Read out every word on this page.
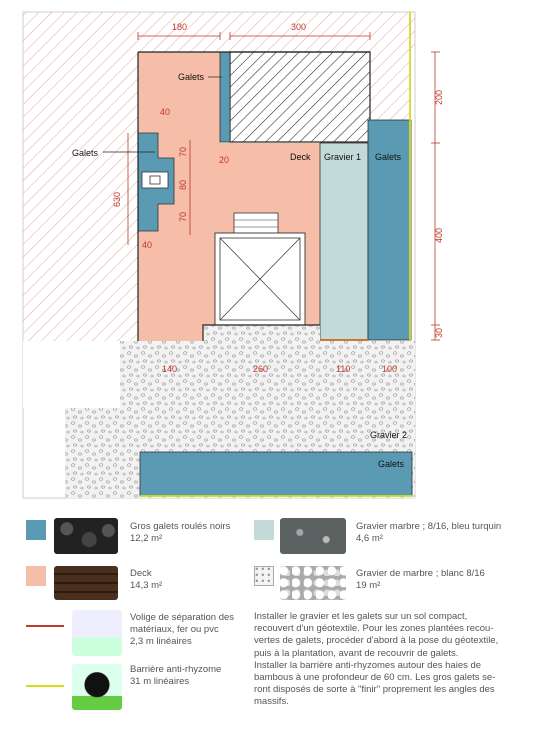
Galets
Galets	Galets
Galets
Deck Gravier 1
Gravier 2
180	300
630
40
70
80
70
40
20
200
400
30
140	260	110	100
Gros galets roulés noirs
12,2 m²
Gravier marbre ; 8/16, bleu turquin
4,6 m²
Deck
14,3 m²
Gravier de marbre ; blanc 8/16
19 m²
Volige de séparation des matériaux, fer ou pvc
2,3 m linéaires
Barrière anti-rhyzome
31 m linéaires
Installer le gravier et les galets sur un sol compact,
recouvert d'un géotextile. Pour les zones plantées recou-
vertes de galets, procéder d'abord à la pose du géotextile,
puis à la plantation, avant de recouvrir de galets.
Installer la barrière anti-rhyzomes autour des haies de
bambous à une profondeur de 60 cm. Les gros galets se-
ront disposés de sorte à "finir" proprement les angles des
massifs.
